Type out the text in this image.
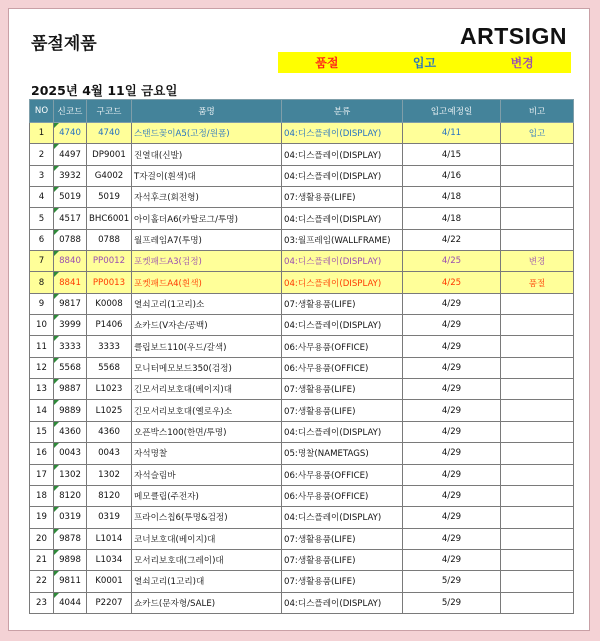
품절제품	ARTSIGN
품절	입고	변경
2025년 4월 11일 금요일
NO	신코드	구코드	품명	분류	입고예정일	비고
1	4740	4740	스탠드꽂이A5(고정/원폼)	04:디스플레이(DISPLAY)	4/11	입고
2	4497	DP9001	진열대(신발)	04:디스플레이(DISPLAY)	4/15	
3	3932	G4002	T자걸이(흰색)대	04:디스플레이(DISPLAY)	4/16	
4	5019	5019	자석후크(회전형)	07:생활용품(LIFE)	4/18	
5	4517	BHC6001	아이홀더A6(카탈로그/투명)	04:디스플레이(DISPLAY)	4/18	
6	0788	0788	월프레임A7(투명)	03:월프레임(WALLFRAME)	4/22	
7	8840	PP0012	포켓패드A3(검정)	04:디스플레이(DISPLAY)	4/25	변경
8	8841	PP0013	포켓패드A4(흰색)	04:디스플레이(DISPLAY)	4/25	품절
9	9817	K0008	열쇠고리(1고리)소	07:생활용품(LIFE)	4/29	
10	3999	P1406	쇼카드(V자손/공백)	04:디스플레이(DISPLAY)	4/29	
11	3333	3333	클립보드110(우드/갈색)	06:사무용품(OFFICE)	4/29	
12	5568	5568	모니터메모보드350(검정)	06:사무용품(OFFICE)	4/29	
13	9887	L1023	긴모서리보호대(베이지)대	07:생활용품(LIFE)	4/29	
14	9889	L1025	긴모서리보호대(옐로우)소	07:생활용품(LIFE)	4/29	
15	4360	4360	오픈박스100(한면/투명)	04:디스플레이(DISPLAY)	4/29	
16	0043	0043	자석명찰	05:명찰(NAMETAGS)	4/29	
17	1302	1302	자석슬림바	06:사무용품(OFFICE)	4/29	
18	8120	8120	메모클립(주전자)	06:사무용품(OFFICE)	4/29	
19	0319	0319	프라이스칩6(투명&검정)	04:디스플레이(DISPLAY)	4/29	
20	9878	L1014	코너보호대(베이지)대	07:생활용품(LIFE)	4/29	
21	9898	L1034	모서리보호대(그레이)대	07:생활용품(LIFE)	4/29	
22	9811	K0001	열쇠고리(1고리)대	07:생활용품(LIFE)	5/29	
23	4044	P2207	쇼카드(문자형/SALE)	04:디스플레이(DISPLAY)	5/29	
